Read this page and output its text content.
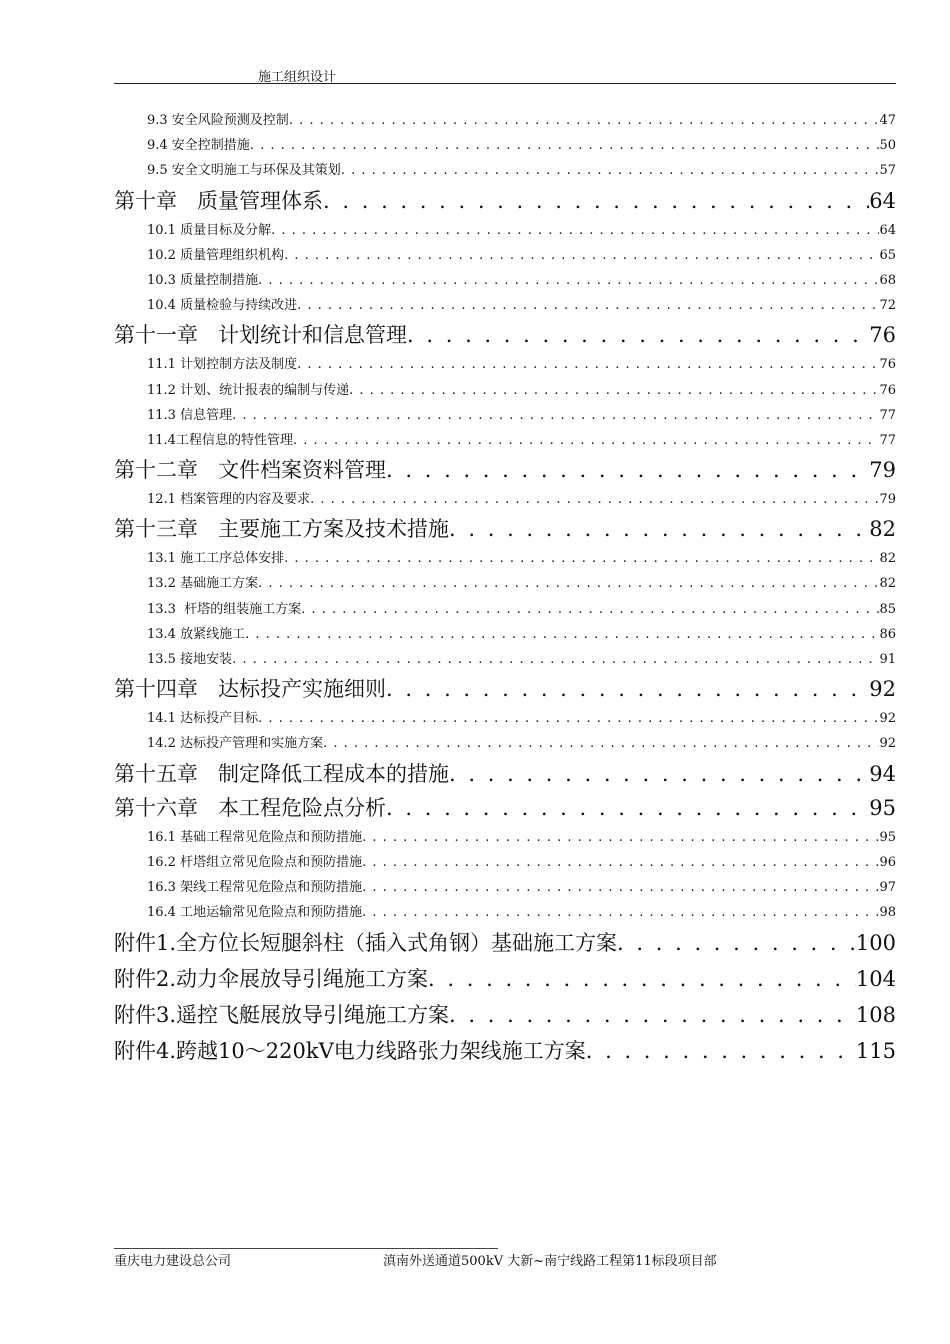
施工组织设计
9.3 安全风险预测及控制 . . .	47
9.4 安全控制措施 . . .	50
9.5 安全文明施工与环保及其策划 . . .	57
第十章   质量管理体系 . . .	64
10.1 质量目标及分解 . . .	64
10.2 质量管理组织机构 . . .	65
10.3 质量控制措施 . . .	68
10.4 质量检验与持续改进 . . .	72
第十一章   计划统计和信息管理 . . .	76
11.1 计划控制方法及制度 . . .	76
11.2 计划、统计报表的编制与传递 . . .	76
11.3 信息管理 . . .	77
11.4工程信息的特性管理 . . .	77
第十二章   文件档案资料管理 . . .	79
12.1 档案管理的内容及要求 . . .	79
第十三章   主要施工方案及技术措施 . . .	82
13.1 施工工序总体安排 . . .	82
13.2 基础施工方案 . . .	82
13.3  杆塔的组装施工方案 . . .	85
13.4 放紧线施工 . . .	86
13.5 接地安装 . . .	91
第十四章   达标投产实施细则 . . .	92
14.1 达标投产目标 . . .	92
14.2 达标投产管理和实施方案 . . .	92
第十五章   制定降低工程成本的措施 . . .	94
第十六章   本工程危险点分析 . . .	95
16.1 基础工程常见危险点和预防措施 . . .	95
16.2 杆塔组立常见危险点和预防措施 . . .	96
16.3 架线工程常见危险点和预防措施 . . .	97
16.4 工地运输常见危险点和预防措施 . . .	98
附件1.全方位长短腿斜柱（插入式角钢）基础施工方案 . . .	100
附件2.动力伞展放导引绳施工方案 . . .	104
附件3.遥控飞艇展放导引绳施工方案 . . .	108
附件4.跨越10～220kV电力线路张力架线施工方案 . . .	115
重庆电力建设总公司	滇南外送通道500kV 大新~南宁线路工程第11标段项目部
